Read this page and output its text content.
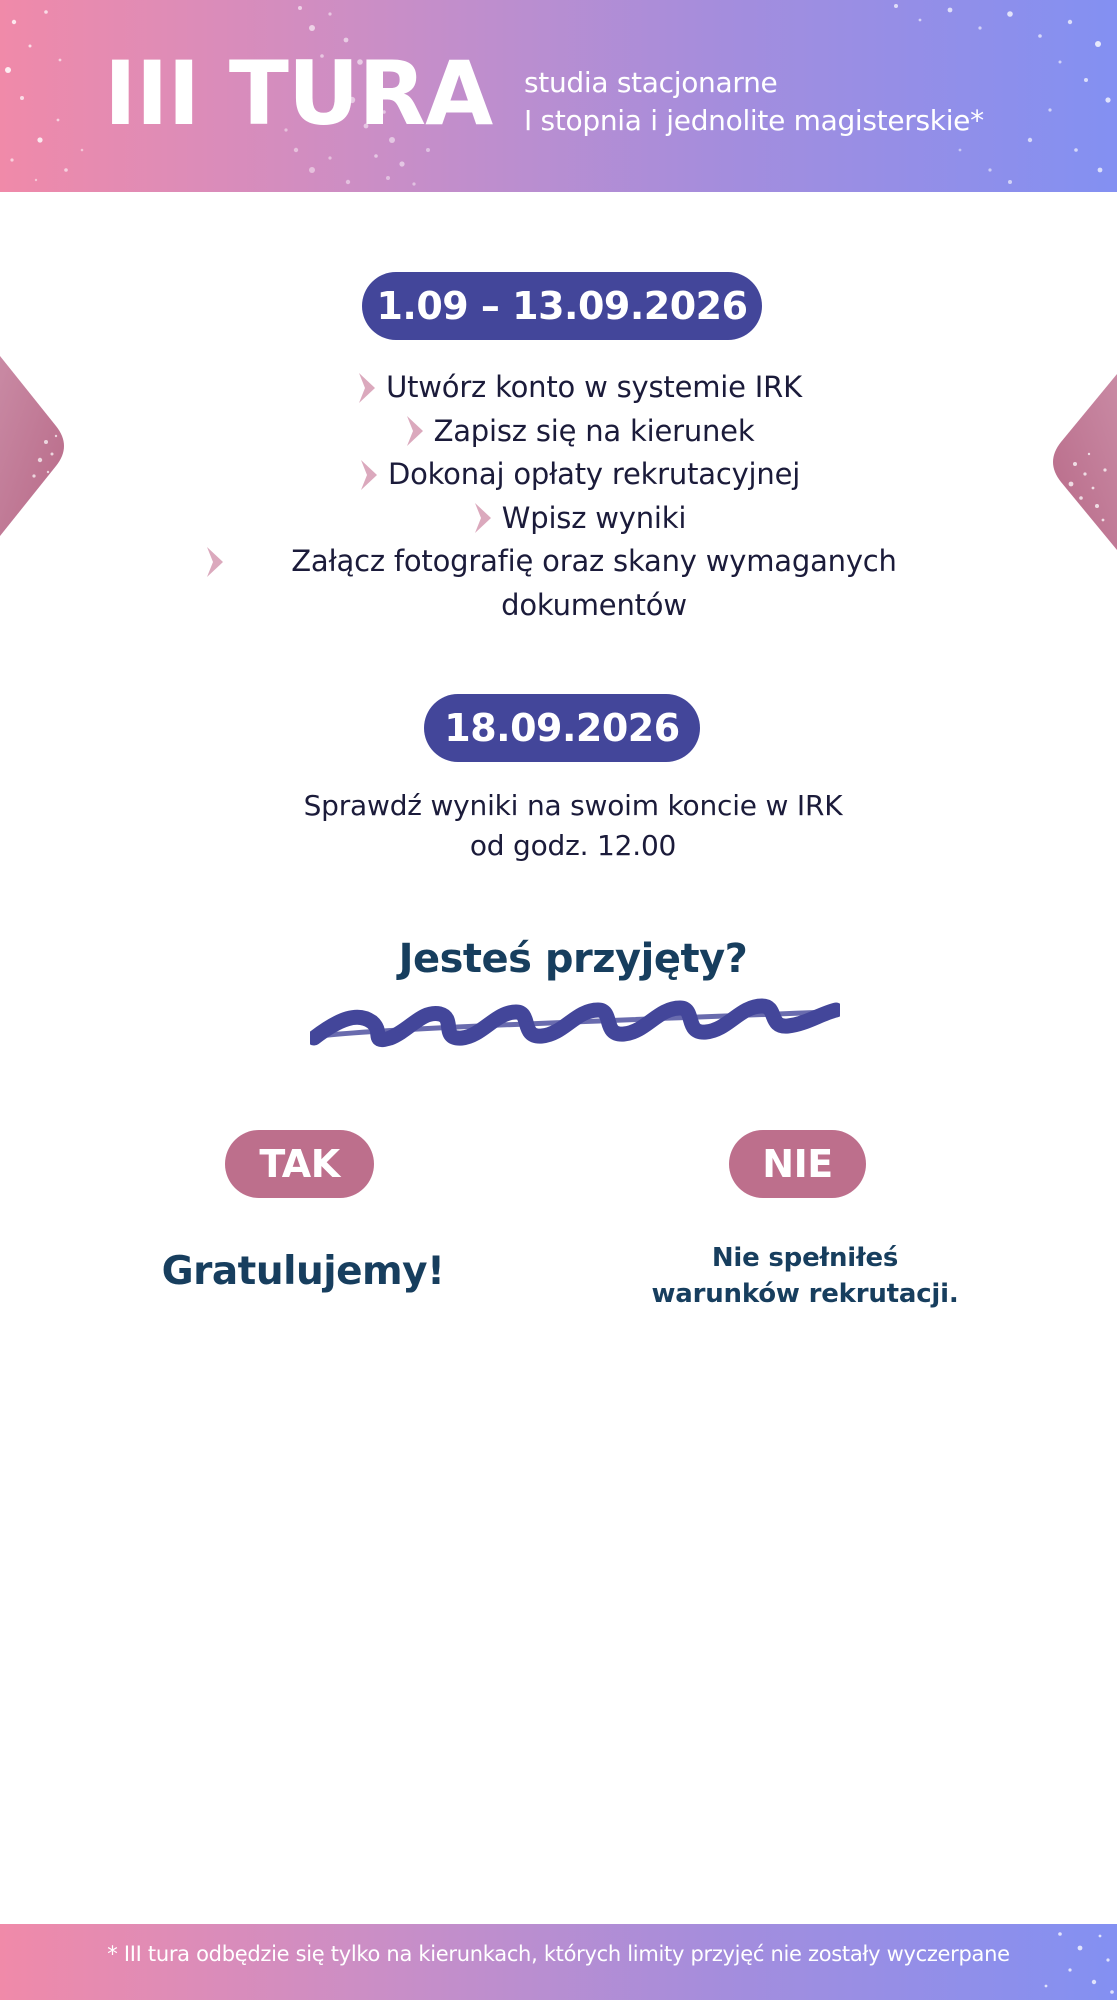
III TURA studia stacjonarne
I stopnia i jednolite magisterskie*
1.09 – 13.09.2026
Utwórz konto w systemie IRK
Zapisz się na kierunek
Dokonaj opłaty rekrutacyjnej
Wpisz wyniki
Załącz fotografię oraz skany wymaganych dokumentów
18.09.2026
Sprawdź wyniki na swoim koncie w IRK
od godz. 12.00
Jesteś przyjęty?
TAK	NIE
Gratulujemy!	Nie spełniłeś
warunków rekrutacji.
* III tura odbędzie się tylko na kierunkach, których limity przyjęć nie zostały wyczerpane
